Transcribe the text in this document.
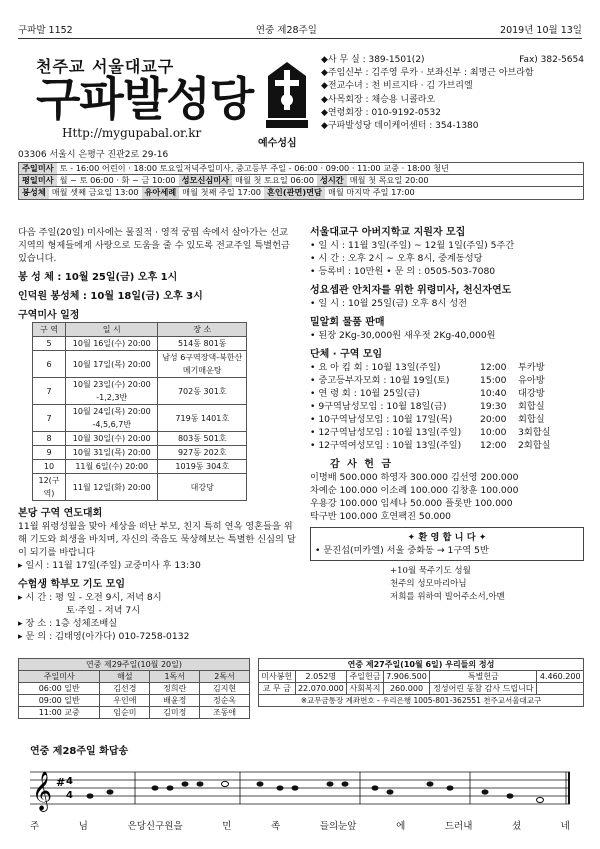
구파발 1152	연중 제28주일	2019년 10월 13일
천주교 서울대교구
구파발성당
Http://mygupabal.or.kr
03306 서울시 은평구 진관2로 29-16
예수성심
◆사 무 실 : 389-1501(2)	Fax) 382-5654
◆주임신부 : 김주영 루카 · 보좌신부 : 최명근 아브라함
◆전교수녀 : 천 비르지타 · 김 가브리엘
◆사목회장 : 채승용 니콜라오
◆연령회장 : 010-9192-0532
◆구파발성당 데이케어센터 : 354-1380
주일미사 토 - 16:00 어린이 · 18:00 토요일저녁주일미사, 중고등부 주일 - 06:00 · 09:00 · 11:00 교중 · 18:00 청년
평일미사 월 ~ 토 06:00 · 화 ~ 금 10:00 성모신심미사 매월 첫 토요일 06:00 성시간 매월 첫 목요일 20:00
봉성체 매월 셋째 금요일 13:00 유아세례 매월 첫째 주일 17:00 혼인(관면)면담 매월 마지막 주일 17:00
다음 주일(20일) 미사에는 물질적 · 영적 궁핍 속에서 살아가는 선교지역의 형제들에게 사랑으로 도움을 줄 수 있도록 전교주일 특별헌금 있습니다.
봉 성 체 : 10월 25일(금) 오후 1시
인덕원 봉성체 : 10월 18일(금) 오후 3시
구역미사 일정
구 역	일 시	장 소
5	10월 16일(수) 20:00	514동 801동
6	10월 17일(목) 20:00	남성 6구역장댁-북한산메기매운탕
7	10월 23일(수) 20:00 -1,2,3반	702동 301호
7	10월 24일(목) 20:00 -4,5,6,7반	719동 1401호
8	10월 30일(수) 20:00	803동 501호
9	10월 31일(목) 20:00	927동 202호
10	11월 6일(수) 20:00	1019동 304호
12(구역)	11월 12일(화) 20:00	대강당
본당 구역 연도대회
11월 위령성월을 맞아 세상을 떠난 부모, 친지 특히 연옥 영혼들을 위해 기도와 희생을 바치며, 자신의 죽음도 묵상해보는 특별한 신심의 달이 되기를 바랍니다
▸ 일시 : 11월 17일(주일) 교중미사 후 13:30
수험생 학부모 기도 모임
▸ 시 간 : 평 일 - 오전 9시, 저녁 8시
토·주일 - 저녁 7시
▸ 장 소 : 1층 성체조배실
▸ 문 의 : 김태영(아가다) 010-7258-0132
서울대교구 아버지학교 지원자 모집
• 일 시 : 11월 3일(주일) ~ 12월 1일(주일) 5주간
• 시 간 : 오후 2시 ~ 오후 8시, 중계동성당
• 등록비 : 10만원 • 문 의 : 0505-503-7080
성요셉관 안치자를 위한 위령미사, 천신자연도
• 일 시 : 10월 25일(금) 오후 8시 성전
밀알회 물품 판매
• 된장 2Kg-30,000원 새우젓 2Kg-40,000원
단체 · 구역 모임
• 요 아 킴 회 : 10월 13일(주일)	12:00	투카방
• 중고등부자모회 : 10월 19일(토)	15:00	유아방
• 연 령 회 : 10월 25일(금)	10:40	대강방
• 9구역남성모임 : 10월 18일(금)	19:30	회합실
• 10구역남성모임 : 10월 17일(목)	20:00	회합실
• 12구역남성모임 : 10월 13일(주일)	10:00	3회합실
• 12구역여성모임 : 10월 13일(주일)	12:00	2회합실
감 사 헌 금
이명배 500.000 하영자 300.000 김선영 200.000
차예순 100.000 이소례 100.000 김창훈 100.000
우용강 100.000 임세나 50.000 플롯반 100.000
탁구반 100.000 호연팩진 50.000
✦ 환 영 합 니 다 ✦
• 문진섭(미카엘) 서울 중화동 → 1구역 5반
+10월 묵주기도 성월
천주의 성모마리아님
저희를 위하여 빌어주소서,아멘
연중 제29주일(10월 20일)			
주일미사	해설	1독서	2독서
06:00 일반	김선경	정희란	김지현
09:00 일반	우인애	배윤정	정순옥
11:00 교중	임순미	김미정	조동애
연중 제27주일(10월 6일) 우리들의 정성					
미사봉헌	2.052명	주일헌금	7.906.500	특별헌금	4.460.200
교 무 금	22.070.000	사회복지	260.000	정성어린 동참 감사 드립니다	
※교무금통장 계좌번호 - 우리은행 1005-801-362551 천주교서울대교구					
연중 제28주일 화답송
𝄞 # 4
4
주	님	은당신구원을	민	족	들의눈앞	에	드러내	셨	네
